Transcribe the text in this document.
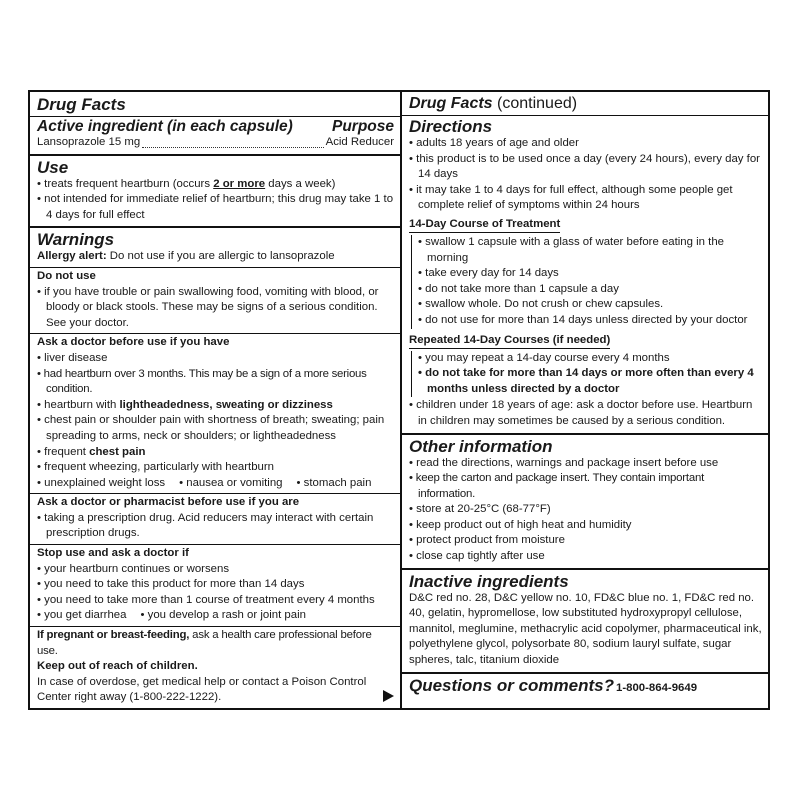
Drug Facts
Active ingredient (in each capsule)	Purpose
Lansoprazole 15 mg	Acid Reducer
Use
• treats frequent heartburn (occurs 2 or more days a week)
• not intended for immediate relief of heartburn; this drug may take 1 to 4 days for full effect
Warnings
Allergy alert: Do not use if you are allergic to lansoprazole
Do not use
• if you have trouble or pain swallowing food, vomiting with blood, or bloody or black stools. These may be signs of a serious condition. See your doctor.
Ask a doctor before use if you have
• liver disease
• had heartburn over 3 months. This may be a sign of a more serious condition.
• heartburn with lightheadedness, sweating or dizziness
• chest pain or shoulder pain with shortness of breath; sweating; pain spreading to arms, neck or shoulders; or lightheadedness
• frequent chest pain
• frequent wheezing, particularly with heartburn
• unexplained weight loss	• nausea or vomiting	• stomach pain
Ask a doctor or pharmacist before use if you are
• taking a prescription drug. Acid reducers may interact with certain prescription drugs.
Stop use and ask a doctor if
• your heartburn continues or worsens
• you need to take this product for more than 14 days
• you need to take more than 1 course of treatment every 4 months
• you get diarrhea	• you develop a rash or joint pain
If pregnant or breast-feeding, ask a health care professional before use.
Keep out of reach of children.
In case of overdose, get medical help or contact a Poison Control Center right away (1-800-222-1222).
Drug Facts (continued)
Directions
• adults 18 years of age and older
• this product is to be used once a day (every 24 hours), every day for 14 days
• it may take 1 to 4 days for full effect, although some people get complete relief of symptoms within 24 hours
14-Day Course of Treatment
• swallow 1 capsule with a glass of water before eating in the morning
• take every day for 14 days
• do not take more than 1 capsule a day
• swallow whole. Do not crush or chew capsules.
• do not use for more than 14 days unless directed by your doctor
Repeated 14-Day Courses (if needed)
• you may repeat a 14-day course every 4 months
• do not take for more than 14 days or more often than every 4 months unless directed by a doctor
• children under 18 years of age: ask a doctor before use. Heartburn in children may sometimes be caused by a serious condition.
Other information
• read the directions, warnings and package insert before use
• keep the carton and package insert. They contain important information.
• store at 20-25°C (68-77°F)
• keep product out of high heat and humidity
• protect product from moisture
• close cap tightly after use
Inactive ingredients
D&C red no. 28, D&C yellow no. 10, FD&C blue no. 1, FD&C red no. 40, gelatin, hypromellose, low substituted hydroxypropyl cellulose, mannitol, meglumine, methacrylic acid copolymer, pharmaceutical ink, polyethylene glycol, polysorbate 80, sodium lauryl sulfate, sugar spheres, talc, titanium dioxide
Questions or comments? 1-800-864-9649
